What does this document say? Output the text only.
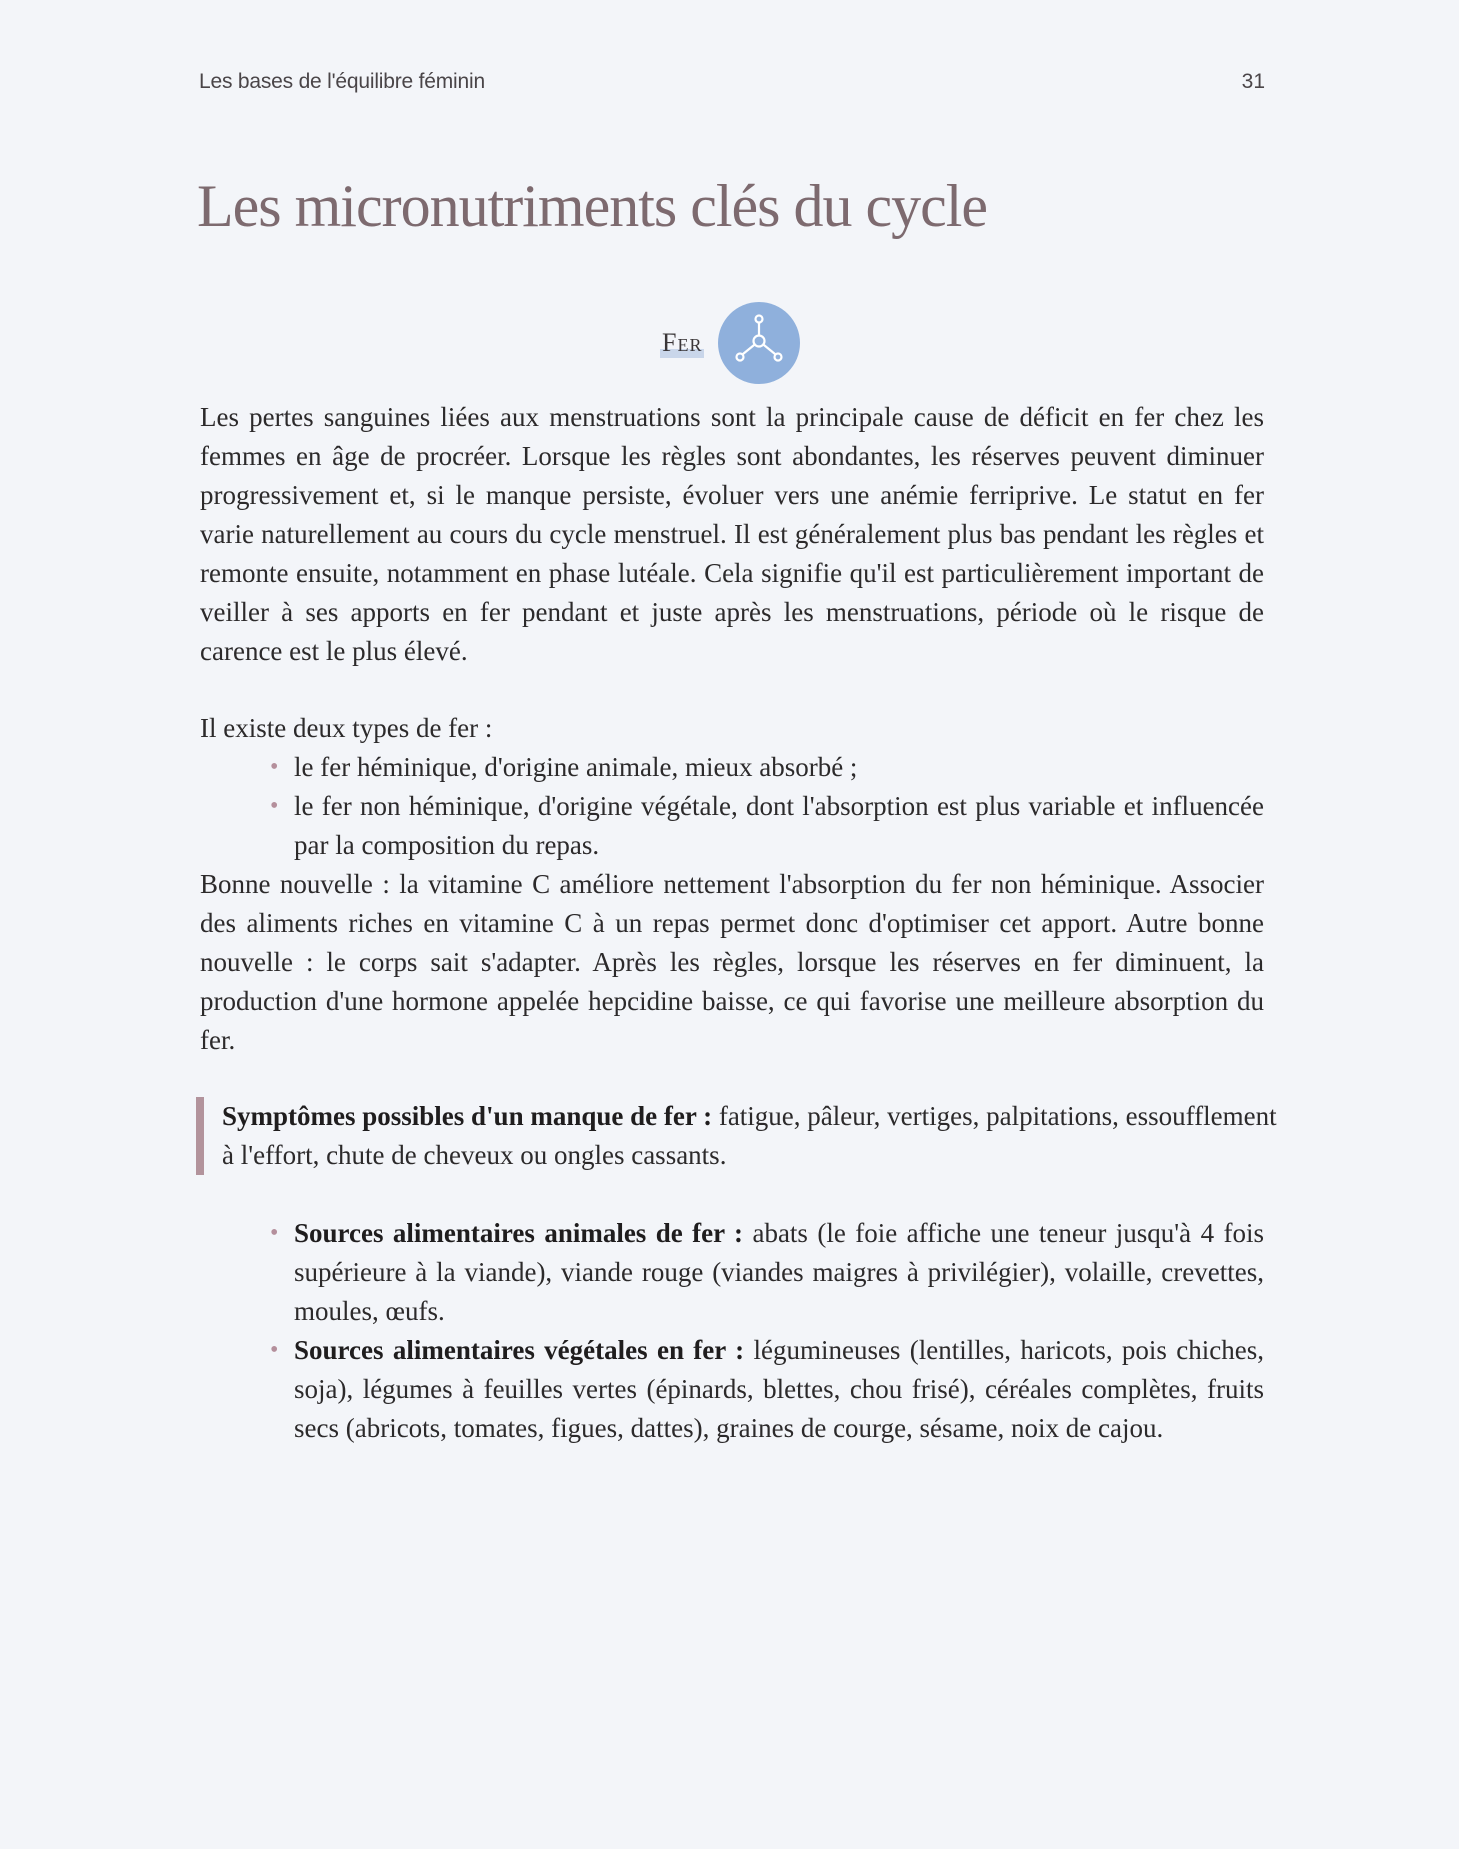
Les bases de l'équilibre féminin	31
Les micronutriments clés du cycle
Fer

Les pertes sanguines liées aux menstruations sont la principale cause de déficit en fer chez les femmes en âge de procréer. Lorsque les règles sont abondantes, les réserves peuvent diminuer progressivement et, si le manque persiste, évoluer vers une anémie ferriprive. Le statut en fer varie naturellement au cours du cycle menstruel. Il est généralement plus bas pendant les règles et remonte ensuite, notamment en phase lutéale. Cela signifie qu'il est particulièrement important de veiller à ses apports en fer pendant et juste après les menstruations, période où le risque de carence est le plus élevé.

Il existe deux types de fer :

• le fer héminique, d'origine animale, mieux absorbé ;
• le fer non héminique, d'origine végétale, dont l'absorption est plus variable et influencée par la composition du repas.

Bonne nouvelle : la vitamine C améliore nettement l'absorption du fer non héminique. Associer des aliments riches en vitamine C à un repas permet donc d'optimiser cet apport. Autre bonne nouvelle : le corps sait s'adapter. Après les règles, lorsque les réserves en fer diminuent, la production d'une hormone appelée hepcidine baisse, ce qui favorise une meilleure absorption du fer.

Symptômes possibles d'un manque de fer : fatigue, pâleur, vertiges, palpitations, essoufflement à l'effort, chute de cheveux ou ongles cassants.
• Sources alimentaires animales de fer : abats (le foie affiche une teneur jusqu'à 4 fois supérieure à la viande), viande rouge (viandes maigres à privilégier), volaille, crevettes, moules, œufs.
• Sources alimentaires végétales en fer : légumineuses (lentilles, haricots, pois chiches, soja), légumes à feuilles vertes (épinards, blettes, chou frisé), céréales complètes, fruits secs (abricots, tomates, figues, dattes), graines de courge, sésame, noix de cajou.
